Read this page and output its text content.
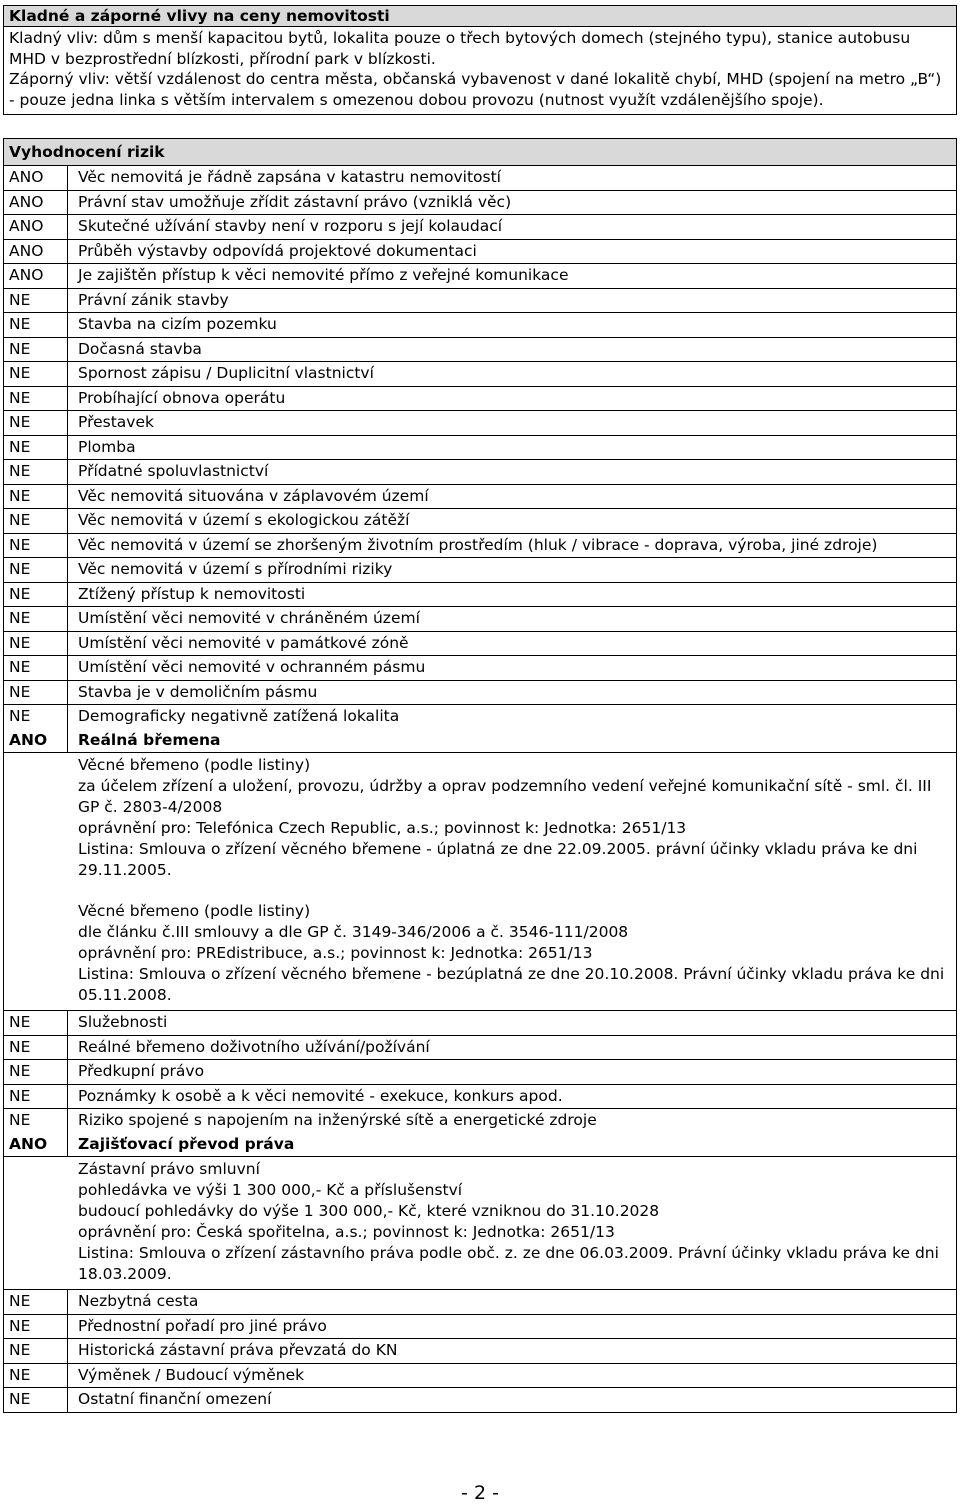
Kladné a záporné vlivy na ceny nemovitosti

Kladný vliv: dům s menší kapacitou bytů, lokalita pouze o třech bytových domech (stejného typu), stanice autobusu MHD v bezprostřední blízkosti, přírodní park v blízkosti.

Záporný vliv: větší vzdálenost do centra města, občanská vybavenost v dané lokalitě chybí, MHD (spojení na metro „B“) - pouze jedna linka s větším intervalem s omezenou dobou provozu (nutnost využít vzdálenějšího spoje).

Vyhodnocení rizik
ANO	Věc nemovitá je řádně zapsána v katastru nemovitostí
ANO	Právní stav umožňuje zřídit zástavní právo (vzniklá věc)
ANO	Skutečné užívání stavby není v rozporu s její kolaudací
ANO	Průběh výstavby odpovídá projektové dokumentaci
ANO	Je zajištěn přístup k věci nemovité přímo z veřejné komunikace
NE	Právní zánik stavby
NE	Stavba na cizím pozemku
NE	Dočasná stavba
NE	Spornost zápisu / Duplicitní vlastnictví
NE	Probíhající obnova operátu
NE	Přestavek
NE	Plomba
NE	Přídatné spoluvlastnictví
NE	Věc nemovitá situována v záplavovém území
NE	Věc nemovitá v území s ekologickou zátěží
NE	Věc nemovitá v území se zhoršeným životním prostředím (hluk / vibrace - doprava, výroba, jiné zdroje)
NE	Věc nemovitá v území s přírodními riziky
NE	Ztížený přístup k nemovitosti
NE	Umístění věci nemovité v chráněném území
NE	Umístění věci nemovité v památkové zóně
NE	Umístění věci nemovité v ochranném pásmu
NE	Stavba je v demoličním pásmu
NE	Demograficky negativně zatížená lokalita
ANO	Reálná břemena

Věcné břemeno (podle listiny)

za účelem zřízení a uložení, provozu, údržby a oprav podzemního vedení veřejné komunikační sítě - sml. čl. III GP č. 2803-4/2008

oprávnění pro: Telefónica Czech Republic, a.s.; povinnost k: Jednotka: 2651/13

Listina: Smlouva o zřízení věcného břemene - úplatná ze dne 22.09.2005. právní účinky vkladu práva ke dni 29.11.2005.

Věcné břemeno (podle listiny)

dle článku č.III smlouvy a dle GP č. 3149-346/2006 a č. 3546-111/2008

oprávnění pro: PREdistribuce, a.s.; povinnost k: Jednotka: 2651/13

Listina: Smlouva o zřízení věcného břemene - bezúplatná ze dne 20.10.2008. Právní účinky vkladu práva ke dni 05.11.2008.

NE	Služebnosti
NE	Reálné břemeno doživotního užívání/požívání
NE	Předkupní právo
NE	Poznámky k osobě a k věci nemovité - exekuce, konkurs apod.
NE	Riziko spojené s napojením na inženýrské sítě a energetické zdroje
ANO	Zajišťovací převod práva

Zástavní právo smluvní

pohledávka ve výši 1 300 000,- Kč a příslušenství

budoucí pohledávky do výše 1 300 000,- Kč, které vzniknou do 31.10.2028

oprávnění pro: Česká spořitelna, a.s.; povinnost k: Jednotka: 2651/13

Listina: Smlouva o zřízení zástavního práva podle obč. z. ze dne 06.03.2009. Právní účinky vkladu práva ke dni 18.03.2009.

NE	Nezbytná cesta
NE	Přednostní pořadí pro jiné právo
NE	Historická zástavní práva převzatá do KN
NE	Výměnek / Budoucí výměnek
NE	Ostatní finanční omezení
- 2 -
